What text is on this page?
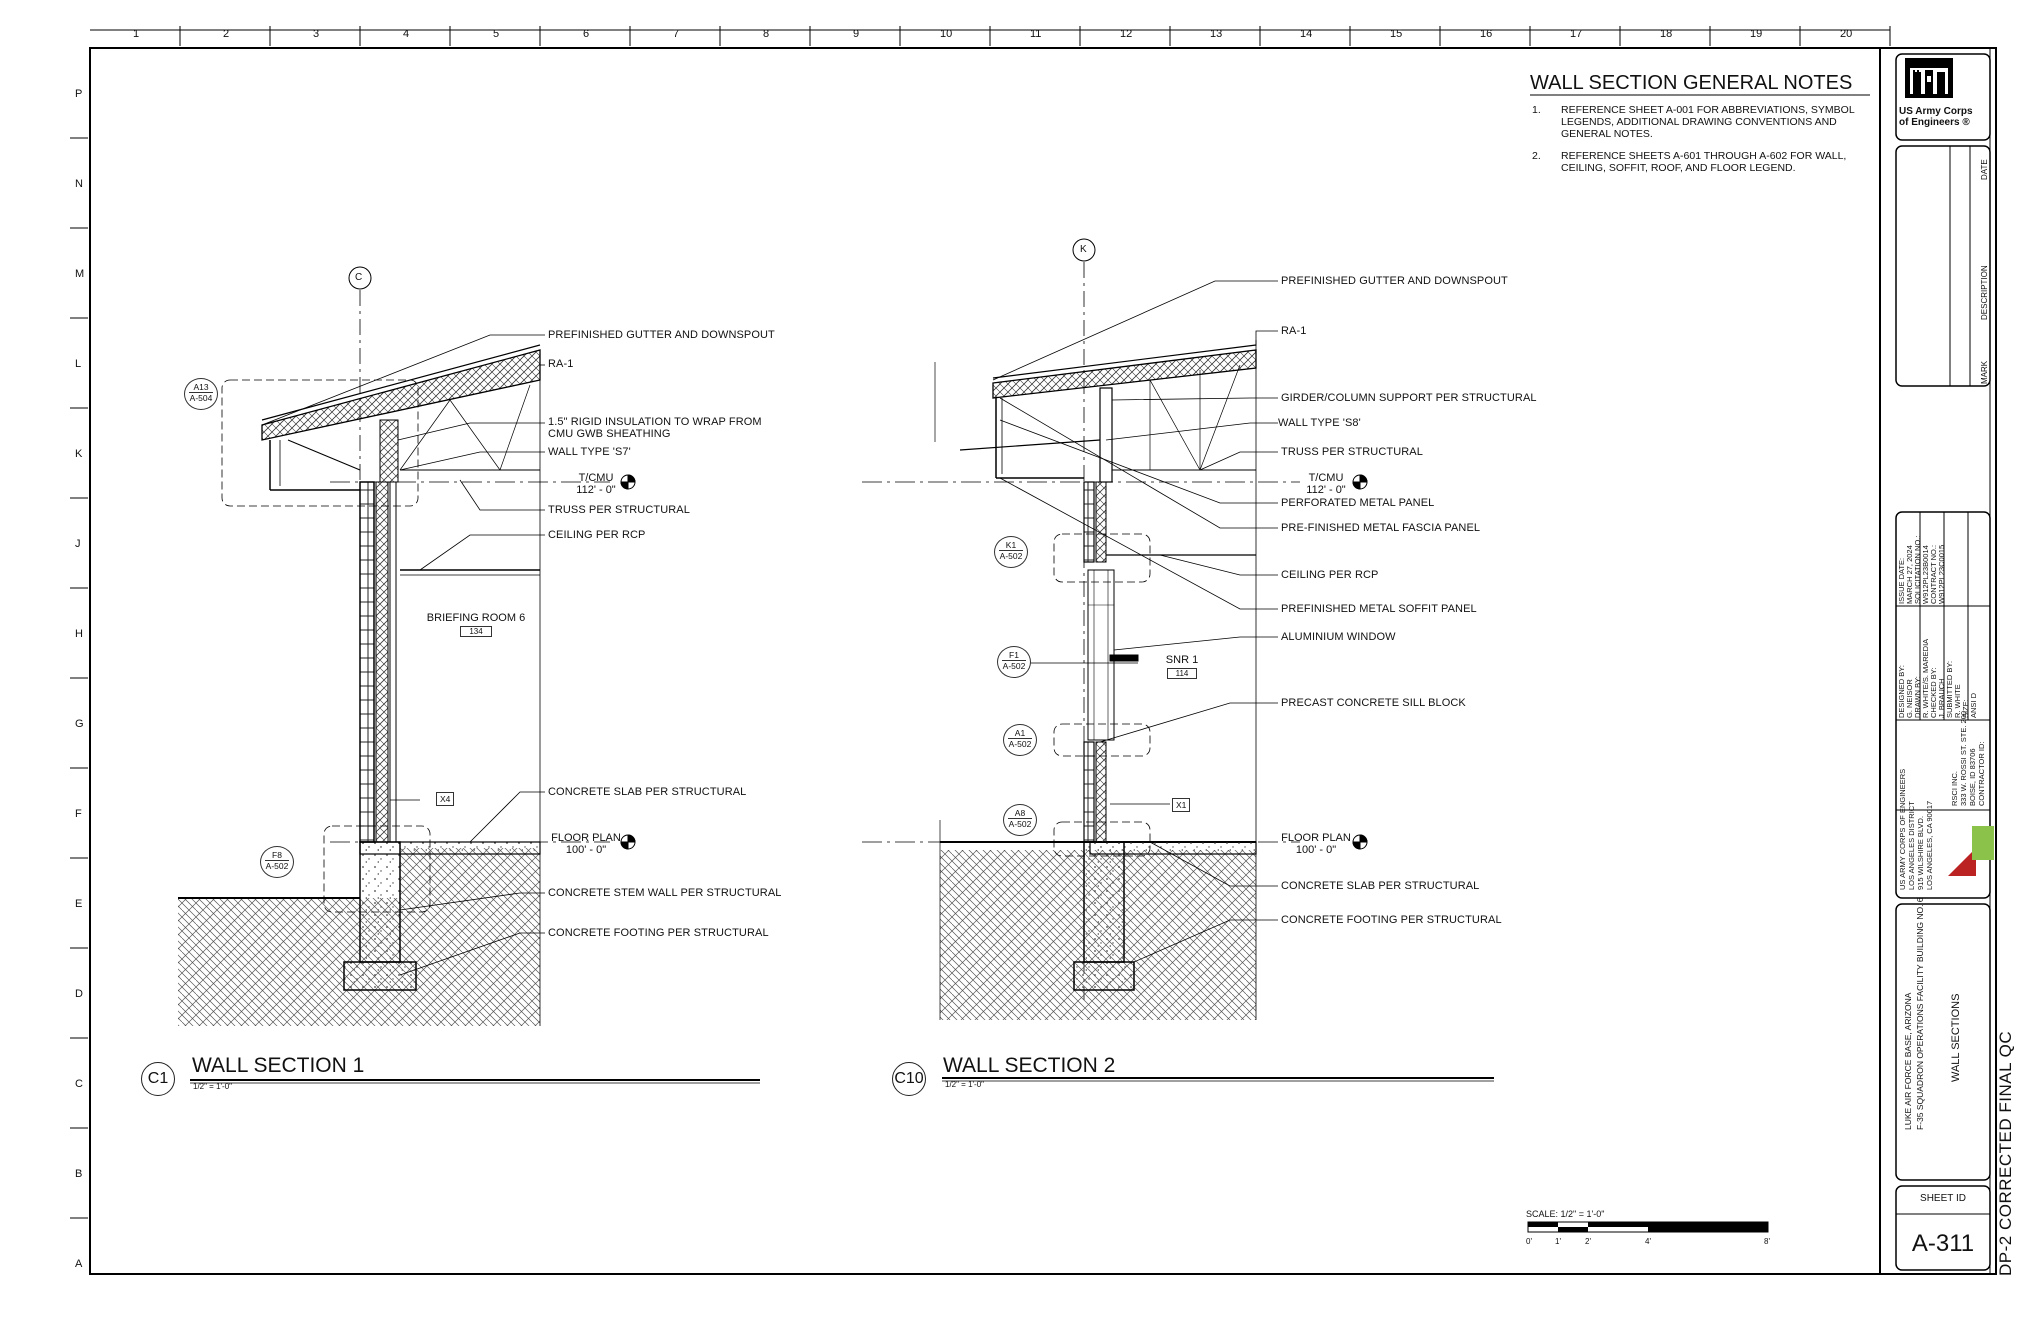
RSCI
1	2	3	4	5	6	7	8	9	10	11	12	13	14	15	16	17	18	19	20
P
N
M
L
K
J
H
G
F
E
D
C
B
A
WALL SECTION GENERAL NOTES
1. REFERENCE SHEET A-001 FOR ABBREVIATIONS, SYMBOL LEGENDS, ADDITIONAL DRAWING CONVENTIONS AND GENERAL NOTES.
2. REFERENCE SHEETS A-601 THROUGH A-602 FOR WALL, CEILING, SOFFIT, ROOF, AND FLOOR LEGEND.
C
PREFINISHED GUTTER AND DOWNSPOUT
RA-1
1.5" RIGID INSULATION TO WRAP FROM CMU GWB SHEATHING
WALL TYPE 'S7'
TRUSS PER STRUCTURAL
CEILING PER RCP
CONCRETE SLAB PER STRUCTURAL
CONCRETE STEM WALL PER STRUCTURAL
CONCRETE FOOTING PER STRUCTURAL
T/CMU
112' - 0"
FLOOR PLAN
100' - 0"
BRIEFING ROOM 6
134
A13
A-504
F8
A-502
X4
C1
WALL SECTION 1
1/2" = 1'-0"
K
PREFINISHED GUTTER AND DOWNSPOUT
RA-1
GIRDER/COLUMN SUPPORT PER STRUCTURAL
WALL TYPE 'S8'
TRUSS PER STRUCTURAL
PERFORATED METAL PANEL
PRE-FINISHED METAL FASCIA PANEL
CEILING PER RCP
PREFINISHED METAL SOFFIT PANEL
ALUMINIUM WINDOW
PRECAST CONCRETE SILL BLOCK
CONCRETE SLAB PER STRUCTURAL
CONCRETE FOOTING PER STRUCTURAL
T/CMU
112' - 0"
FLOOR PLAN
100' - 0"
SNR 1
114
K1
A-502
F1
A-502
A1
A-502
A8
A-502
X1
C10
WALL SECTION 2
1/2" = 1'-0"
SCALE: 1/2" = 1'-0"
0'	1'	2'	4'	8'
US Army Corps
of Engineers ®
MARK
DESCRIPTION
DATE
ISSUE DATE: MARCH 27, 2024 SOLICITATION NO.: W912PL23B0014 CONTRACT NO.: W912PL23C0015
DESIGNED BY: G. NEISOR DRAWN BY: R. WHITE/S. MAREDIA CHECKED BY: J. BRAUCH SUBMITTED BY: R. WHITE SIZE: ANSI D
US ARMY CORPS OF ENGINEERS LOS ANGELES DISTRICT 915 WILSHIRE BLVD. LOS ANGELES, CA 90017
RSCI INC. 333 W. ROSSI ST. STE. 200 BOISE, ID 83706 CONTRACTOR ID:
LUKE AIR FORCE BASE, ARIZONA F-35 SQUADRON OPERATIONS FACILITY BUILDING NO. 6 WALL SECTIONS
SHEET ID
A-311	DP-2 CORRECTED FINAL QC
